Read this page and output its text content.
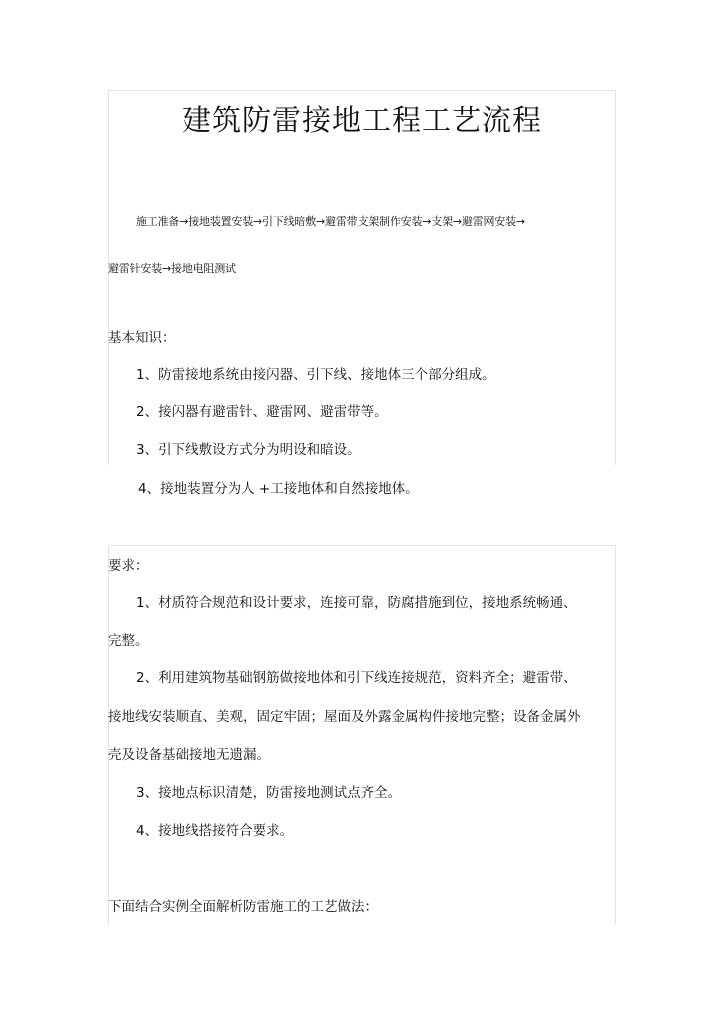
建筑防雷接地工程工艺流程
施工准备→接地装置安装→引下线暗敷→避雷带支架制作安装→支架→避雷网安装→
避雷针安装→接地电阻测试
基本知识：
1、防雷接地系统由接闪器、引下线、接地体三个部分组成。
2、接闪器有避雷针、避雷网、避雷带等。
3、引下线敷设方式分为明设和暗设。
4、接地装置分为人 +工接地体和自然接地体。
要求：
1、材质符合规范和设计要求，连接可靠，防腐措施到位，接地系统畅通、
完整。
2、利用建筑物基础钢筋做接地体和引下线连接规范，资料齐全；避雷带、
接地线安装顺直、美观，固定牢固；屋面及外露金属构件接地完整；设备金属外
壳及设备基础接地无遗漏。
3、接地点标识清楚，防雷接地测试点齐全。
4、接地线搭接符合要求。
下面结合实例全面解析防雷施工的工艺做法：
